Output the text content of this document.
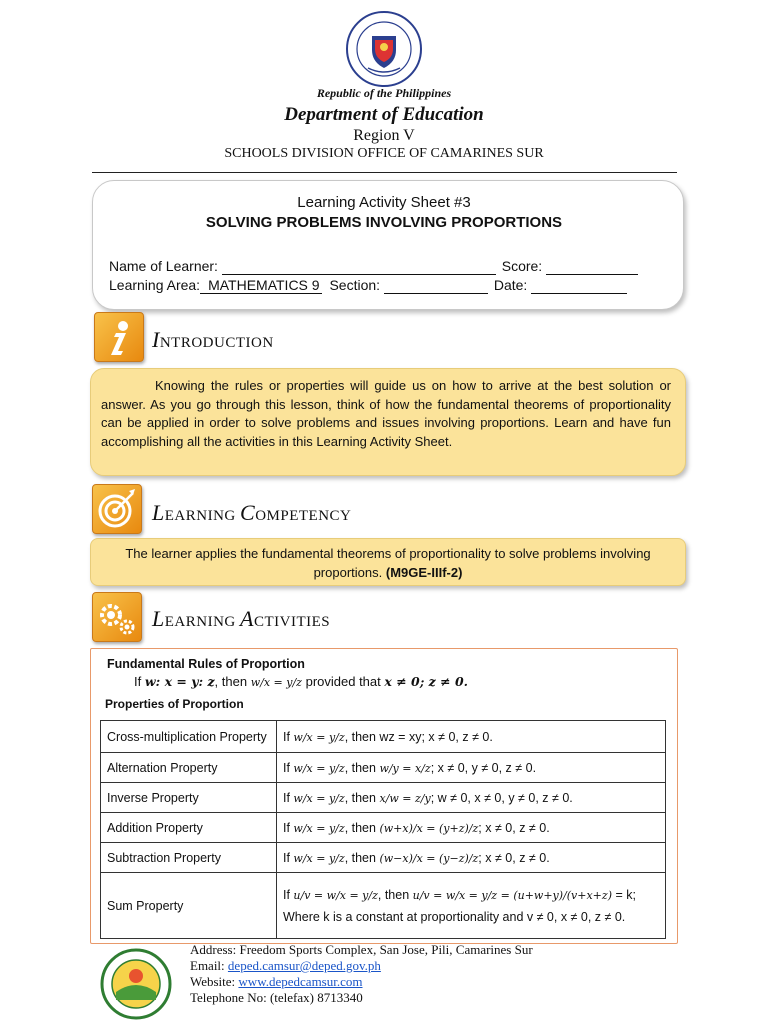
Republic of the Philippines
Department of Education
Region V
SCHOOLS DIVISION OFFICE OF CAMARINES SUR
Learning Activity Sheet #3
SOLVING PROBLEMS INVOLVING PROPORTIONS
Name of Learner:	Score:
Learning Area: MATHEMATICS 9 Section:	Date:
INTRODUCTION
Knowing the rules or properties will guide us on how to arrive at the best solution or answer. As you go through this lesson, think of how the fundamental theorems of proportionality can be applied in order to solve problems and issues involving proportions. Learn and have fun accomplishing all the activities in this Learning Activity Sheet.
LEARNING COMPETENCY
The learner applies the fundamental theorems of proportionality to solve problems involving proportions. (M9GE-IIIf-2)
LEARNING ACTIVITIES
Fundamental Rules of Proportion
If w: x = y: z, then w/x = y/z provided that x ≠ 0; z ≠ 0.
Properties of Proportion
Cross-multiplication Property	If w/x = y/z, then wz = xy; x ≠ 0, z ≠ 0.
Alternation Property	If w/x = y/z, then w/y = x/z; x ≠ 0, y ≠ 0, z ≠ 0.
Inverse Property	If w/x = y/z, then x/w = z/y; w ≠ 0, x ≠ 0, y ≠ 0, z ≠ 0.
Addition Property	If w/x = y/z, then (w+x)/x = (y+z)/z; x ≠ 0, z ≠ 0.
Subtraction Property	If w/x = y/z, then (w−x)/x = (y−z)/z; x ≠ 0, z ≠ 0.
Sum Property	If u/v = w/x = y/z, then u/v = w/x = y/z = (u+w+y)/(v+x+z) = k;
Where k is a constant at proportionality and v ≠ 0, x ≠ 0, z ≠ 0.
Address: Freedom Sports Complex, San Jose, Pili, Camarines Sur
Email: deped.camsur@deped.gov.ph
Website: www.depedcamsur.com
Telephone No: (telefax) 8713340
